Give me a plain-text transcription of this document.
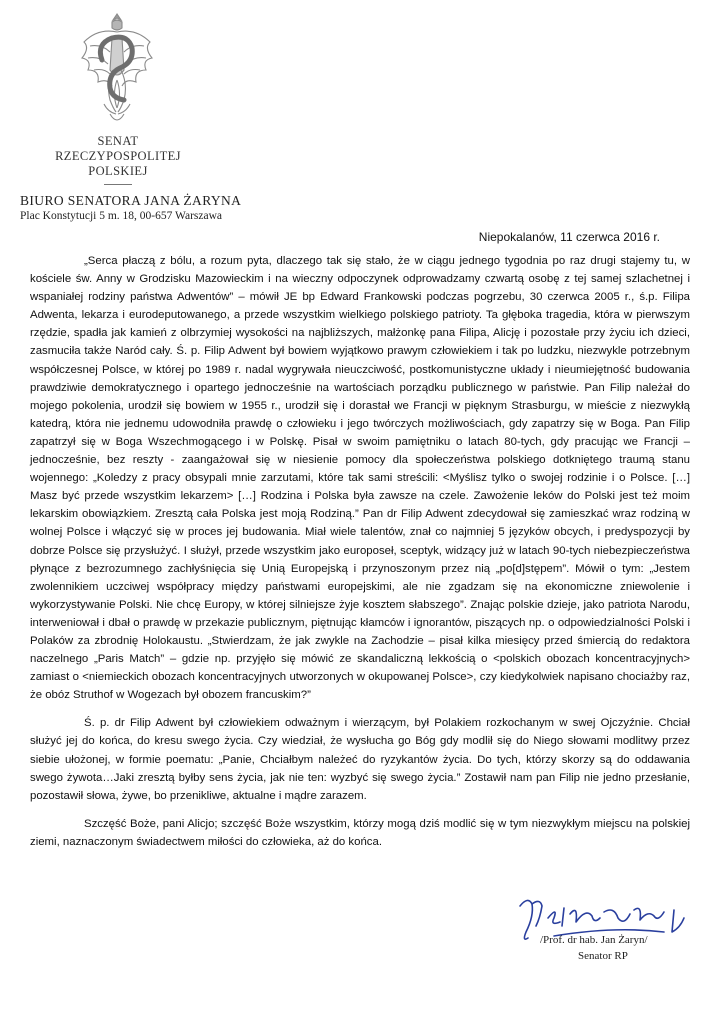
SENAT
RZECZYPOSPOLITEJ
POLSKIEJ
BIURO SENATORA JANA ŻARYNA
Plac Konstytucji 5 m. 18, 00-657 Warszawa
Niepokalanów, 11 czerwca 2016 r.

„Serca płaczą z bólu, a rozum pyta, dlaczego tak się stało, że w ciągu jednego tygodnia po raz drugi stajemy tu, w kościele św. Anny w Grodzisku Mazowieckim i na wieczny odpoczynek odprowadzamy czwartą osobę z tej samej szlachetnej i wspaniałej rodziny państwa Adwentów” – mówił JE bp Edward Frankowski podczas pogrzebu, 30 czerwca 2005 r., ś.p. Filipa Adwenta, lekarza i eurodeputowanego, a przede wszystkim wielkiego polskiego patrioty. Ta głęboka tragedia, która w pierwszym rzędzie, spadła jak kamień z olbrzymiej wysokości na najbliższych, małżonkę pana Filipa, Alicję i pozostałe przy życiu ich dzieci, zasmuciła także Naród cały. Ś. p. Filip Adwent był bowiem wyjątkowo prawym człowiekiem i tak po ludzku, niezwykle potrzebnym współczesnej Polsce, w której po 1989 r. nadal wygrywała nieuczciwość, postkomunistyczne układy i nieumiejętność budowania prawdziwie demokratycznego i opartego jednocześnie na wartościach porządku publicznego w państwie. Pan Filip należał do mojego pokolenia, urodził się bowiem w 1955 r., urodził się i dorastał we Francji w pięknym Strasburgu, w mieście z niezwykłą katedrą, która nie jednemu udowodniła prawdę o człowieku i jego twórczych możliwościach, gdy zapatrzy się w Boga. Pan Filip zapatrzył się w Boga Wszechmogącego i w Polskę. Pisał w swoim pamiętniku o latach 80-tych, gdy pracując we Francji – jednocześnie, bez reszty - zaangażował się w niesienie pomocy dla społeczeństwa polskiego dotkniętego traumą stanu wojennego: „Koledzy z pracy obsypali mnie zarzutami, które tak sami streścili: <Myślisz tylko o swojej rodzinie i o Polsce. […] Masz być przede wszystkim lekarzem> […] Rodzina i Polska była zawsze na czele. Zawożenie leków do Polski jest też moim lekarskim obowiązkiem. Zresztą cała Polska jest moją Rodziną.” Pan dr Filip Adwent zdecydował się zamieszkać wraz rodziną w wolnej Polsce i włączyć się w proces jej budowania. Miał wiele talentów, znał co najmniej 5 języków obcych, i predyspozycji by dobrze Polsce się przysłużyć. I służył, przede wszystkim jako europoseł, sceptyk, widzący już w latach 90-tych niebezpieczeństwa płynące z bezrozumnego zachłyśnięcia się Unią Europejską i przynoszonym przez nią „po[d]stępem”. Mówił o tym: „Jestem zwolennikiem uczciwej współpracy między państwami europejskimi, ale nie zgadzam się na ekonomiczne zniewolenie i wykorzystywanie Polski. Nie chcę Europy, w której silniejsze żyje kosztem słabszego”. Znając polskie dzieje, jako patriota Narodu, interweniował i dbał o prawdę w przekazie publicznym, piętnując kłamców i ignorantów, piszących np. o odpowiedzialności Polski i Polaków za zbrodnię Holokaustu. „Stwierdzam, że jak zwykle na Zachodzie – pisał kilka miesięcy przed śmiercią do redaktora naczelnego „Paris Match” – gdzie np. przyjęło się mówić ze skandaliczną lekkością o <polskich obozach koncentracyjnych> zamiast o <niemieckich obozach koncentracyjnych utworzonych w okupowanej Polsce>, czy kiedykolwiek napisano chociażby raz, że obóz Struthof w Wogezach był obozem francuskim?”

Ś. p. dr Filip Adwent był człowiekiem odważnym i wierzącym, był Polakiem rozkochanym w swej Ojczyźnie. Chciał służyć jej do końca, do kresu swego życia. Czy wiedział, że wysłucha go Bóg gdy modlił się do Niego słowami modlitwy przez siebie ułożonej, w formie poematu: „Panie, Chciałbym należeć do ryzykantów życia. Do tych, którzy skorzy są do oddawania swego żywota…Jaki zresztą byłby sens życia, jak nie ten: wyzbyć się swego życia.” Zostawił nam pan Filip nie jedno przesłanie, pozostawił słowa, żywe, bo przenikliwe, aktualne i mądre zarazem.

Szczęść Boże, pani Alicjo; szczęść Boże wszystkim, którzy mogą dziś modlić się w tym niezwykłym miejscu na polskiej ziemi, naznaczonym świadectwem miłości do człowieka, aż do końca.

/Prof. dr hab. Jan Żaryn/
Senator RP
